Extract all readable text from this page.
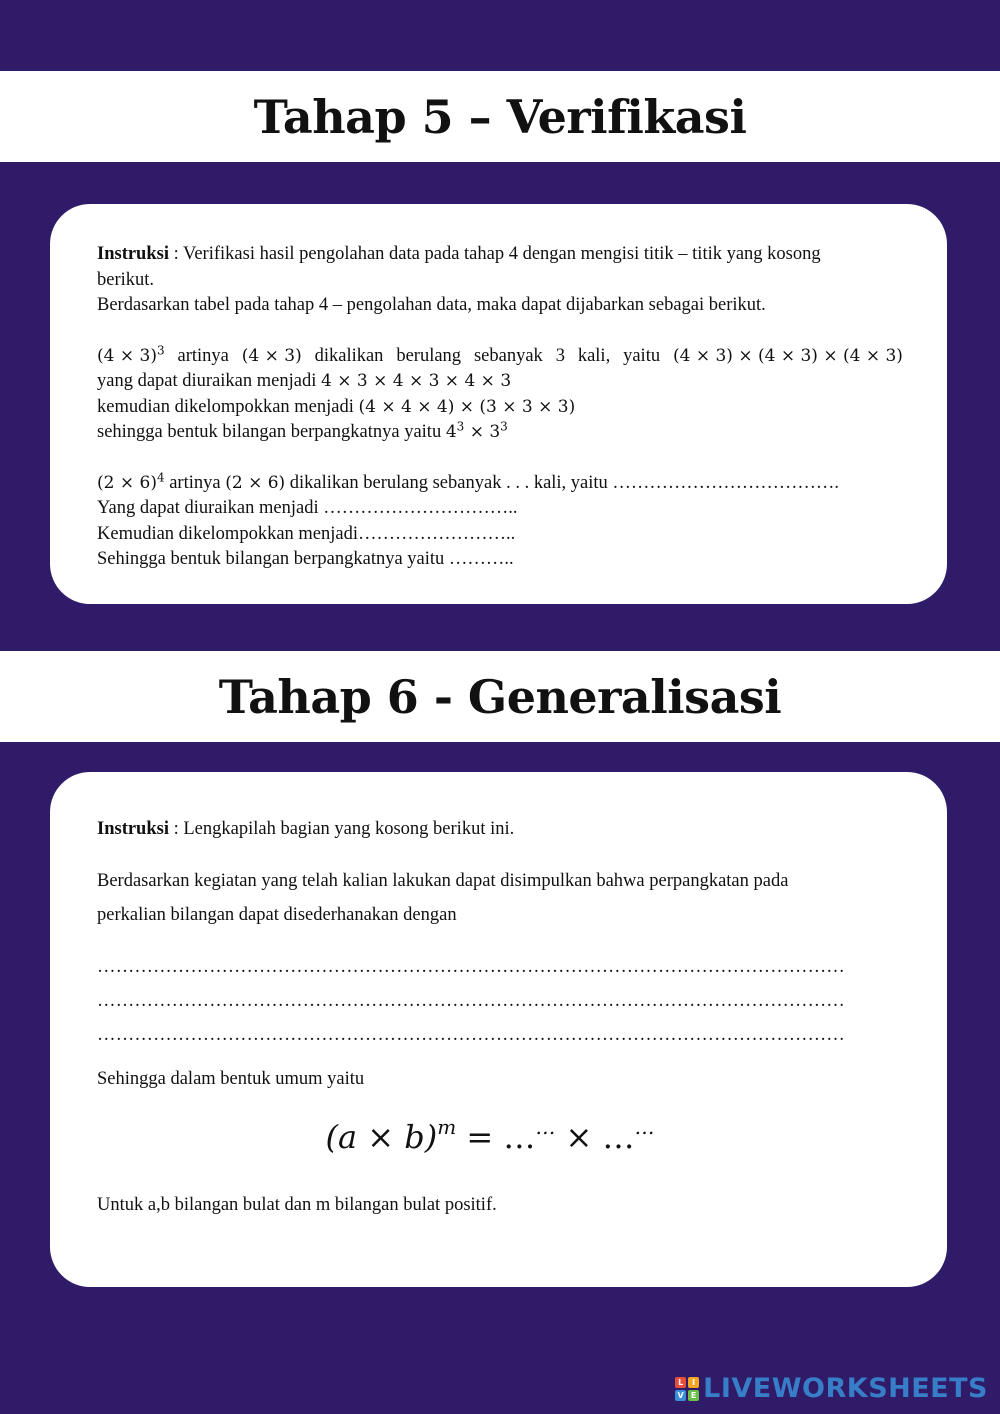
Tahap 5 – Verifikasi
Instruksi : Verifikasi hasil pengolahan data pada tahap 4 dengan mengisi titik – titik yang kosong
berikut.
Berdasarkan tabel pada tahap 4 – pengolahan data, maka dapat dijabarkan sebagai berikut.
$(4 \times 3)^3$ artinya (4 × 3) dikalikan berulang sebanyak 3 kali, yaitu (4 × 3) × (4 × 3) × (4 × 3)
yang dapat diuraikan menjadi 4 × 3 × 4 × 3 × 4 × 3
kemudian dikelompokkan menjadi (4 × 4 × 4) × (3 × 3 × 3)
sehingga bentuk bilangan berpangkatnya yaitu $4^3 \times 3^3$
$(2 \times 6)^4$ artinya (2 × 6) dikalikan berulang sebanyak . . . kali, yaitu ……………………………….
Yang dapat diuraikan menjadi …………………………..
Kemudian dikelompokkan menjadi……………………..
Sehingga bentuk bilangan berpangkatnya yaitu ………..
Tahap 6 - Generalisasi

Instruksi : Lengkapilah bagian yang kosong berikut ini.

Berdasarkan kegiatan yang telah kalian lakukan dapat disimpulkan bahwa perpangkatan pada
perkalian bilangan dapat disederhanakan dengan

…………………………………………………………………………………………………………
…………………………………………………………………………………………………………
…………………………………………………………………………………………………………

Sehingga dalam bentuk umum yaitu

$(a \times b)^m$ = …… × ……

Untuk a,b bilangan bulat dan m bilangan bulat positif.

L	I
V E LIVEWORKSHEETS
